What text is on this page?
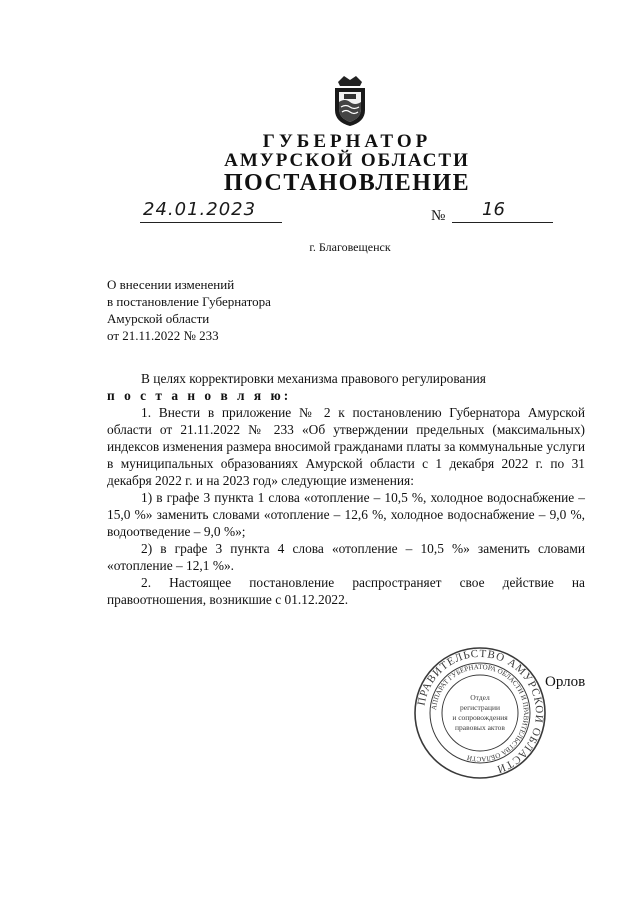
ГУБЕРНАТОР
АМУРСКОЙ ОБЛАСТИ
ПОСТАНОВЛЕНИЕ
24.01.2023	№ 16
г. Благовещенск
О внесении изменений
в постановление Губернатора
Амурской области
от 21.11.2022 № 233

В целях корректировки механизма правового регулирования

п о с т а н о в л я ю:

1. Внести в приложение № 2 к постановлению Губернатора Амурской области от 21.11.2022 № 233 «Об утверждении предельных (максимальных) индексов изменения размера вносимой гражданами платы за коммунальные услуги в муниципальных образованиях Амурской области с 1 декабря 2022 г. по 31 декабря 2022 г. и на 2023 год» следующие изменения:

1) в графе 3 пункта 1 слова «отопление – 10,5 %, холодное водоснабжение – 15,0 %» заменить словами «отопление – 12,6 %, холодное водоснабжение – 9,0 %, водоотведение – 9,0 %»;

2) в графе 3 пункта 4 слова «отопление – 10,5 %» заменить словами «отопление – 12,1 %».

2. Настоящее постановление распространяет свое действие на правоотношения, возникшие с 01.12.2022.

ПРАВИТЕЛЬСТВО АМУРСКОЙ ОБЛАСТИ
АППАРАТ ГУБЕРНАТОРА ОБЛАСТИ И ПРАВИТЕЛЬСТВА ОБЛАСТИ
Отдел
регистрации
и сопровождения
правовых актов
Орлов
